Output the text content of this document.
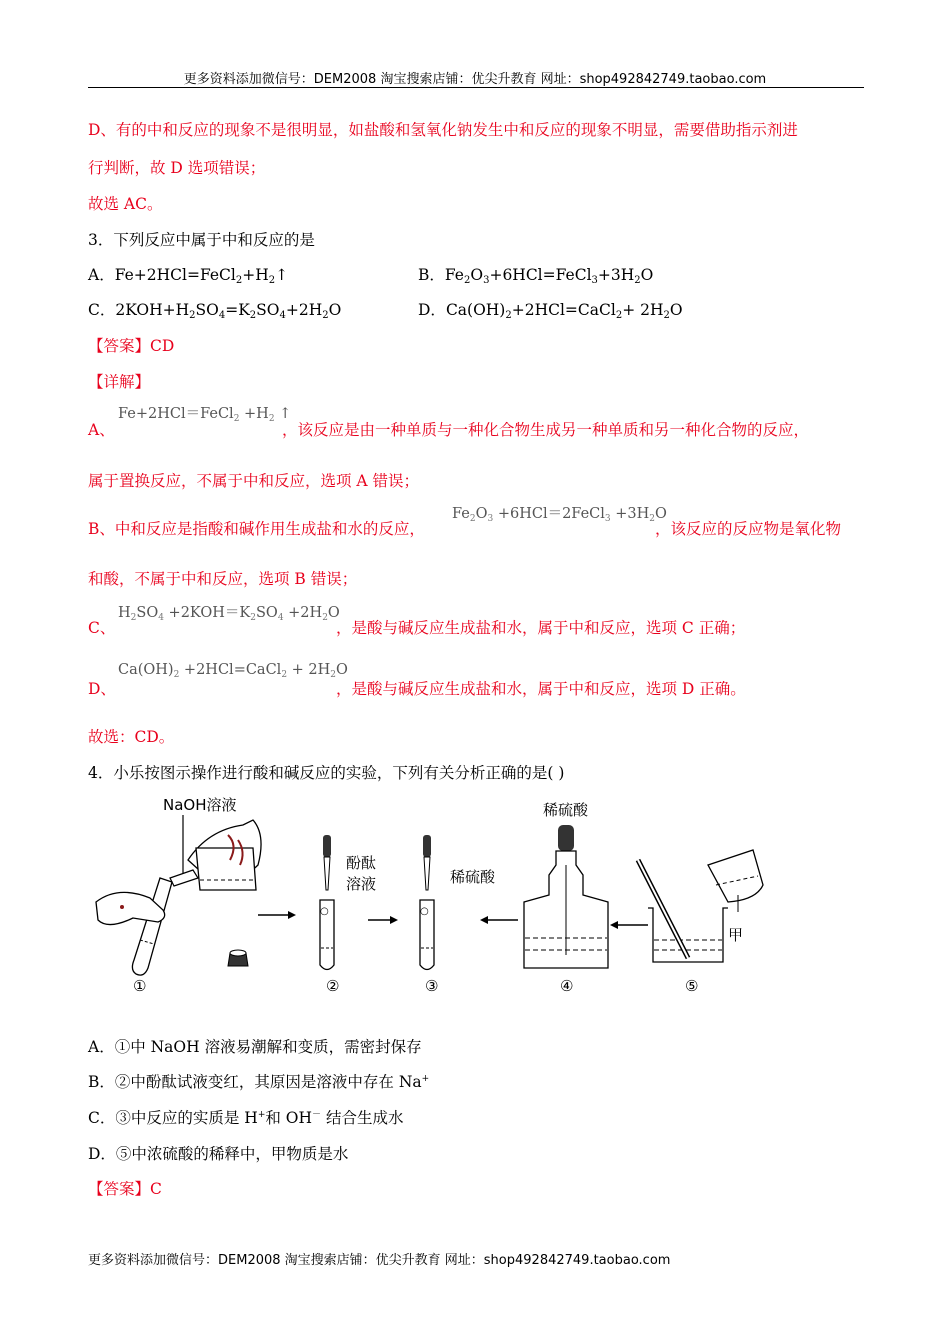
更多资料添加微信号：DEM2008 淘宝搜索店铺：优尖升教育 网址：shop492842749.taobao.com
D、有的中和反应的现象不是很明显，如盐酸和氢氧化钠发生中和反应的现象不明显，需要借助指示剂进
行判断，故 D 选项错误；
故选 AC。
3．下列反应中属于中和反应的是
A．$Fe+2HCl=FeCl_2+H_2↑$	B．$Fe_2O_3+6HCl=FeCl_3+3H_2O$
C．$2KOH+H_2SO_4=K_2SO_4+2H_2O$	D．$Ca(OH)_2+2HCl=CaCl_2+ 2H_2O$
【答案】CD
【详解】
A、
Fe+2HCl＝FeCl$_2$ $+H_2$ ↑
，该反应是由一种单质与一种化合物生成另一种单质和另一种化合物的反应，
属于置换反应，不属于中和反应，选项 A 错误；
B、中和反应是指酸和碱作用生成盐和水的反应，
$Fe_2O_3$ +6HCl＝2FeCl$_3$ $+3H_2O$
，该反应的反应物是氧化物
和酸，不属于中和反应，选项 B 错误；
C、
$H_2SO_4 +2KOH=K_2SO_4 +2H_2O$
，是酸与碱反应生成盐和水，属于中和反应，选项 C 正确；
D、
$Ca(OH)_2$ +2HCl=CaCl$_2$ + $2H_2O$
，是酸与碱反应生成盐和水，属于中和反应，选项 D 正确。
故选：CD。
4．小乐按图示操作进行酸和碱反应的实验，下列有关分析正确的是( )
NaOH溶液
①
酚酞
溶液
○
②
稀硫酸
○
③
稀硫酸
④
甲
⑤
A．①中 NaOH 溶液易潮解和变质，需密封保存
B．②中酚酞试液变红，其原因是溶液中存在 Na+
C．③中反应的实质是 H+和 OH－ 结合生成水
D．⑤中浓硫酸的稀释中，甲物质是水
【答案】C
更多资料添加微信号：DEM2008 淘宝搜索店铺：优尖升教育 网址：shop492842749.taobao.com
